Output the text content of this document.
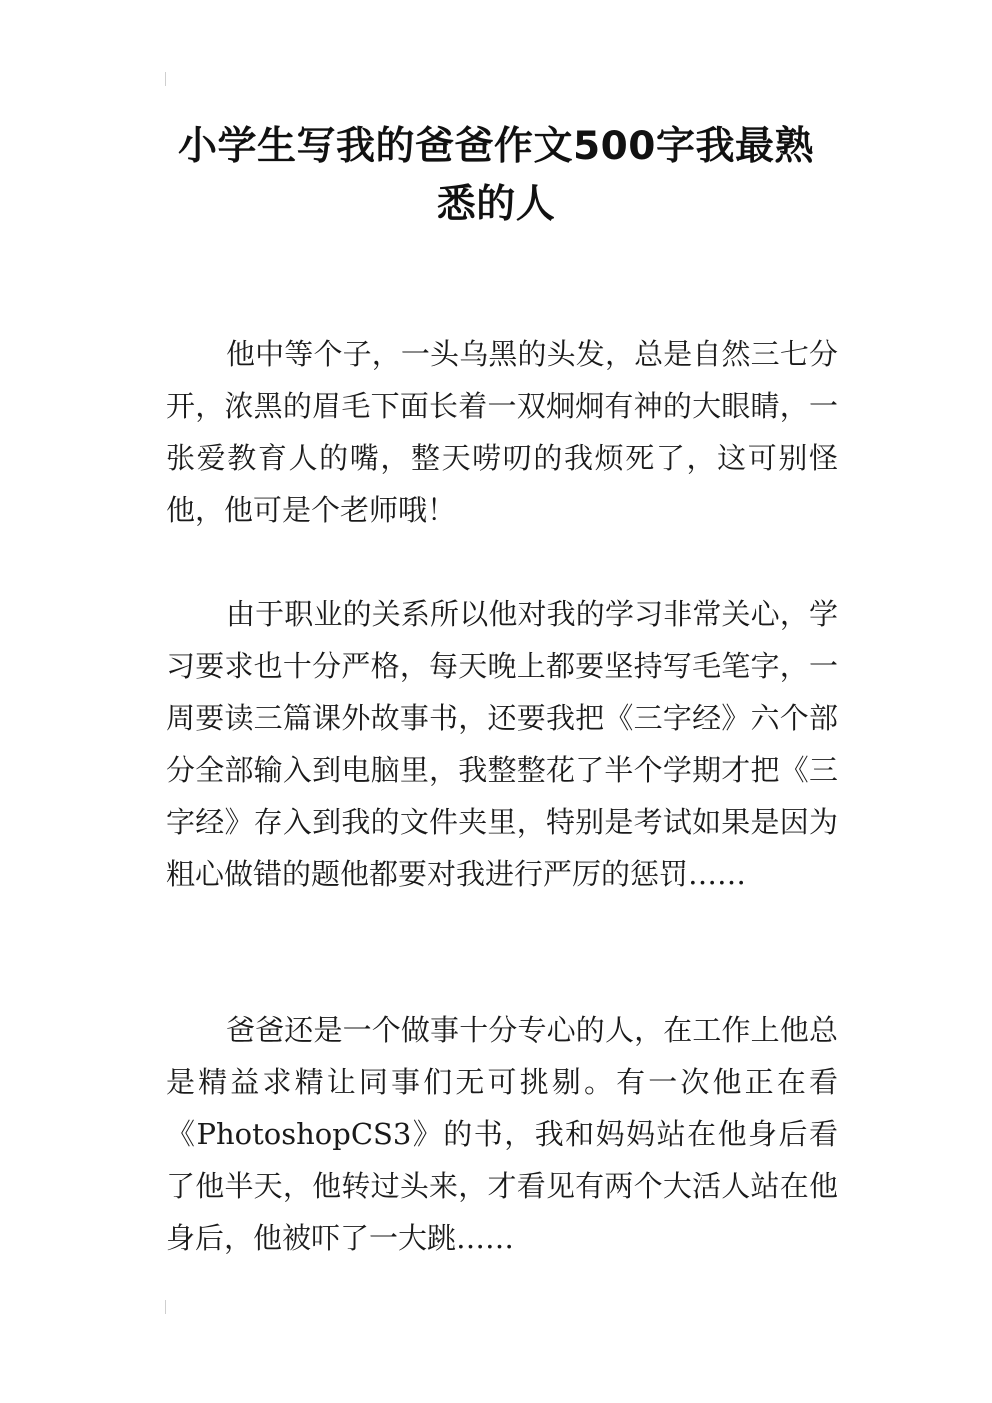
小学生写我的爸爸作文500字我最熟
悉的人

他中等个子，一头乌黑的头发，总是自然三七分开，浓黑的眉毛下面长着一双炯炯有神的大眼睛，一张爱教育人的嘴，整天唠叨的我烦死了，这可别怪他，他可是个老师哦！

由于职业的关系所以他对我的学习非常关心，学习要求也十分严格，每天晚上都要坚持写毛笔字，一周要读三篇课外故事书，还要我把《三字经》六个部分全部输入到电脑里，我整整花了半个学期才把《三字经》存入到我的文件夹里，特别是考试如果是因为粗心做错的题他都要对我进行严厉的惩罚……

爸爸还是一个做事十分专心的人，在工作上他总是精益求精让同事们无可挑剔。有一次他正在看《PhotoshopCS3》的书，我和妈妈站在他身后看了他半天，他转过头来，才看见有两个大活人站在他身后，他被吓了一大跳……
